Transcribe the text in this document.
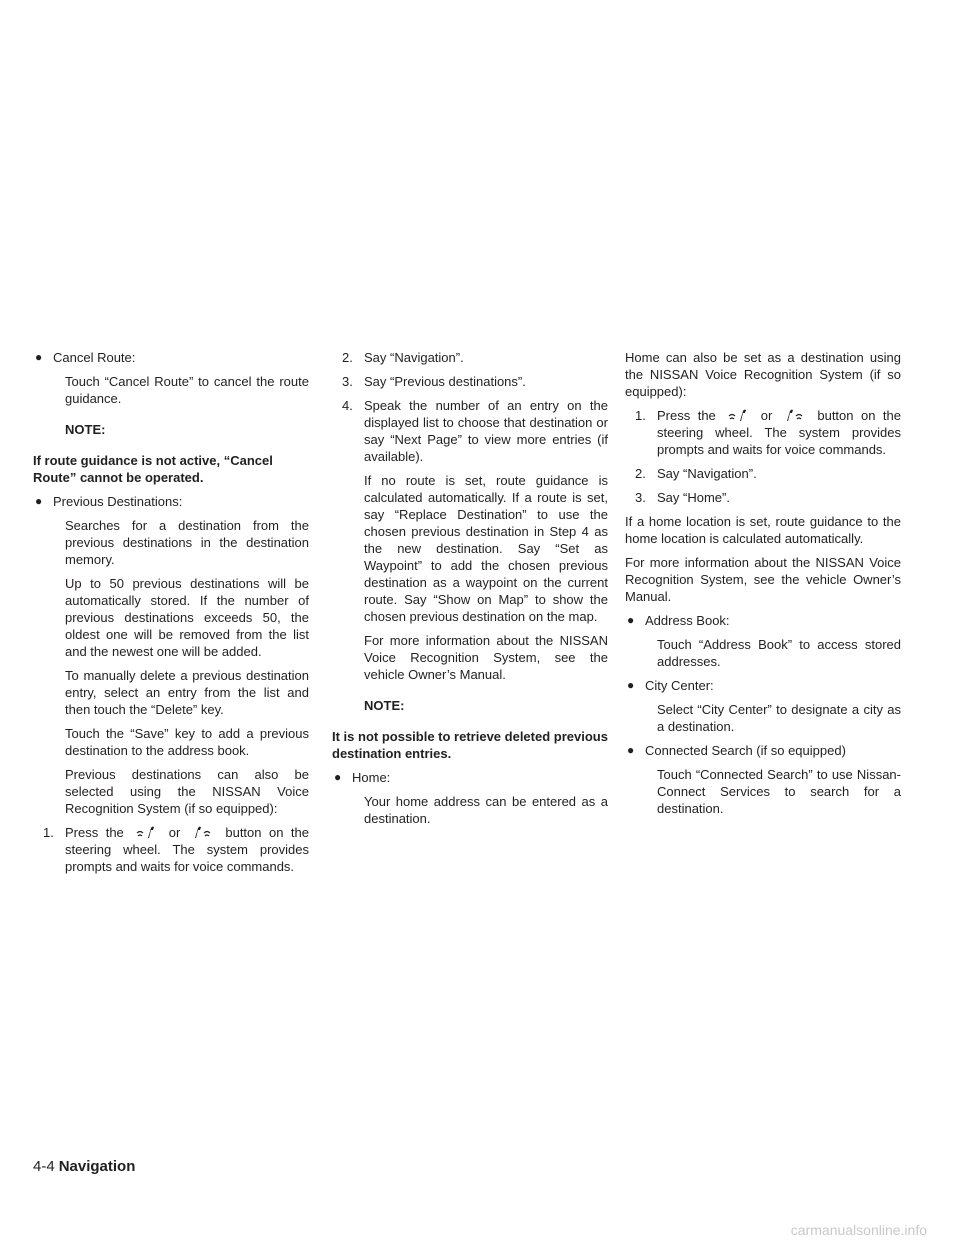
● Cancel Route:

Touch “Cancel Route” to cancel the route guidance.

NOTE:

If route guidance is not active, “Cancel Route” cannot be operated.

● Previous Destinations:

Searches for a destination from the previous destinations in the destination memory.

Up to 50 previous destinations will be automatically stored. If the number of previous destinations exceeds 50, the oldest one will be removed from the list and the newest one will be added.

To manually delete a previous destination entry, select an entry from the list and then touch the “Delete” key.

Touch the “Save” key to add a previous destination to the address book.

Previous destinations can also be selected using the NISSAN Voice Recognition System (if so equipped):

1. Press the	or	button on the steering wheel. The system provides prompts and waits for voice commands.

2. Say “Navigation”.

3. Say “Previous destinations”.

4. Speak the number of an entry on the displayed list to choose that destination or say “Next Page” to view more entries (if available).

If no route is set, route guidance is calculated automatically. If a route is set, say “Replace Destination” to use the chosen previous destination in Step 4 as the new destination. Say “Set as Waypoint” to add the chosen previous destination as a waypoint on the current route. Say “Show on Map” to show the chosen previous destination on the map.

For more information about the NISSAN Voice Recognition System, see the vehicle Owner’s Manual.

NOTE:

It is not possible to retrieve deleted previous destination entries.

● Home:

Your home address can be entered as a destination.

Home can also be set as a destination using the NISSAN Voice Recognition System (if so equipped):

1. Press the	or	button on the steering wheel. The system provides prompts and waits for voice commands.

2. Say “Navigation”.

3. Say “Home”.

If a home location is set, route guidance to the home location is calculated automatically.

For more information about the NISSAN Voice Recognition System, see the vehicle Owner’s Manual.

● Address Book:

Touch “Address Book” to access stored addresses.

● City Center:

Select “City Center” to designate a city as a destination.

● Connected Search (if so equipped)

Touch “Connected Search” to use Nissan-Connect Services to search for a destination.

4-4 Navigation
carmanualsonline.info
